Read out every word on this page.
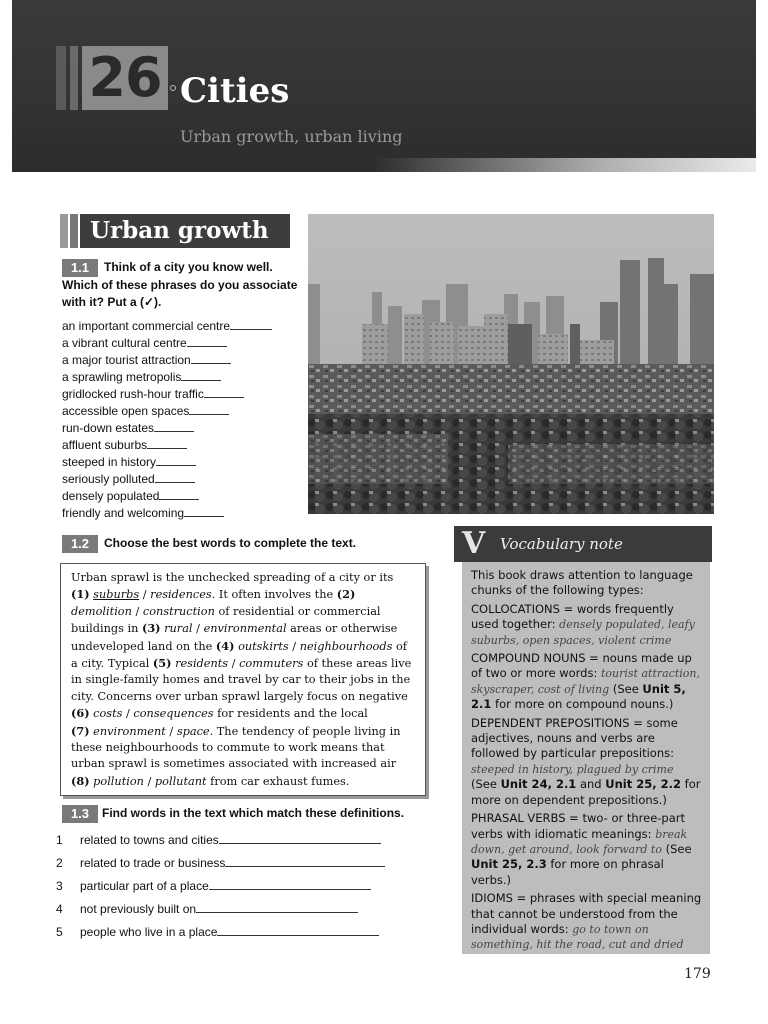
26 Cities
Urban growth, urban living
Urban growth
1.1	Think of a city you know well.
Which of these phrases do you associate
with it? Put a (✓).
an important commercial centre
a vibrant cultural centre
a major tourist attraction
a sprawling metropolis
gridlocked rush-hour traffic
accessible open spaces
run-down estates
affluent suburbs
steeped in history
seriously polluted
densely populated
friendly and welcoming
1.2	Choose the best words to complete the text.
Urban sprawl is the unchecked spreading of a city or its (1) suburbs / residences. It often involves the (2) demolition / construction of residential or commercial buildings in (3) rural / environmental areas or otherwise undeveloped land on the (4) outskirts / neighbourhoods of a city. Typical (5) residents / commuters of these areas live in single-family homes and travel by car to their jobs in the city. Concerns over urban sprawl largely focus on negative (6) costs / consequences for residents and the local
(7) environment / space. The tendency of people living in these neighbourhoods to commute to work means that urban sprawl is sometimes associated with increased air
(8) pollution / pollutant from car exhaust fumes.
1.3	Find words in the text which match these definitions.
1 related to towns and cities
2 related to trade or business
3 particular part of a place
4 not previously built on
5 people who live in a place
V Vocabulary note

This book draws attention to language chunks of the following types:

COLLOCATIONS = words frequently used together: densely populated, leafy suburbs, open spaces, violent crime

COMPOUND NOUNS = nouns made up of two or more words: tourist attraction, skyscraper, cost of living (See Unit 5, 2.1 for more on compound nouns.)

DEPENDENT PREPOSITIONS = some adjectives, nouns and verbs are followed by particular prepositions: steeped in history, plagued by crime (See Unit 24, 2.1 and Unit 25, 2.2 for more on dependent prepositions.)

PHRASAL VERBS = two- or three-part verbs with idiomatic meanings: break down, get around, look forward to (See Unit 25, 2.3 for more on phrasal verbs.)

IDIOMS = phrases with special meaning that cannot be understood from the individual words: go to town on something, hit the road, cut and dried

179
